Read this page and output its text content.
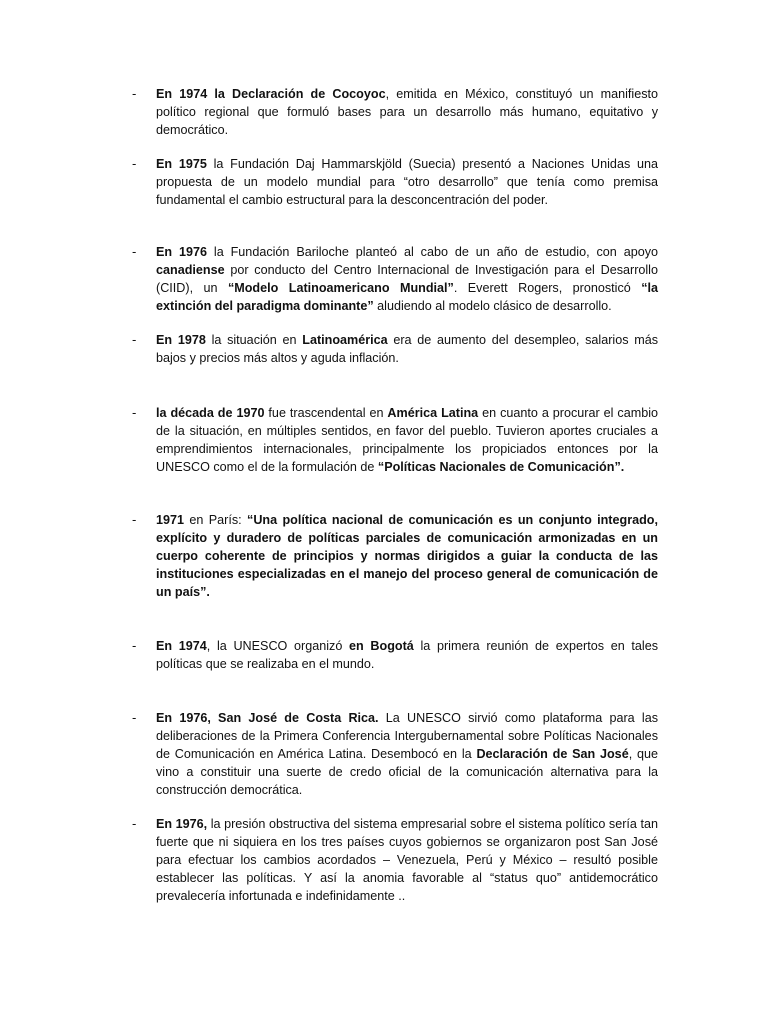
- En 1974 la Declaración de Cocoyoc, emitida en México, constituyó un manifiesto político regional que formuló bases para un desarrollo más humano, equitativo y democrático.

- En 1975 la Fundación Daj Hammarskjöld (Suecia) presentó a Naciones Unidas una propuesta de un modelo mundial para “otro desarrollo” que tenía como premisa fundamental el cambio estructural para la desconcentración del poder.

- En 1976 la Fundación Bariloche planteó al cabo de un año de estudio, con apoyo canadiense por conducto del Centro Internacional de Investigación para el Desarrollo (CIID), un “Modelo Latinoamericano Mundial”. Everett Rogers, pronosticó “la extinción del paradigma dominante” aludiendo al modelo clásico de desarrollo.

- En 1978 la situación en Latinoamérica era de aumento del desempleo, salarios más bajos y precios más altos y aguda inflación.

- la década de 1970 fue trascendental en América Latina en cuanto a procurar el cambio de la situación, en múltiples sentidos, en favor del pueblo. Tuvieron aportes cruciales a emprendimientos internacionales, principalmente los propiciados entonces por la UNESCO como el de la formulación de “Políticas Nacionales de Comunicación”.

- 1971 en París: “Una política nacional de comunicación es un conjunto integrado, explícito y duradero de políticas parciales de comunicación armonizadas en un cuerpo coherente de principios y normas dirigidos a guiar la conducta de las instituciones especializadas en el manejo del proceso general de comunicación de un país”.

- En 1974, la UNESCO organizó en Bogotá la primera reunión de expertos en tales políticas que se realizaba en el mundo.

- En 1976, San José de Costa Rica. La UNESCO sirvió como plataforma para las deliberaciones de la Primera Conferencia Intergubernamental sobre Políticas Nacionales de Comunicación en América Latina. Desembocó en la Declaración de San José, que vino a constituir una suerte de credo oficial de la comunicación alternativa para la construcción democrática.

- En 1976, la presión obstructiva del sistema empresarial sobre el sistema político sería tan fuerte que ni siquiera en los tres países cuyos gobiernos se organizaron post San José para efectuar los cambios acordados – Venezuela, Perú y México – resultó posible establecer las políticas. Y así la anomia favorable al “status quo” antidemocrático prevalecería infortunada e indefinidamente ..
